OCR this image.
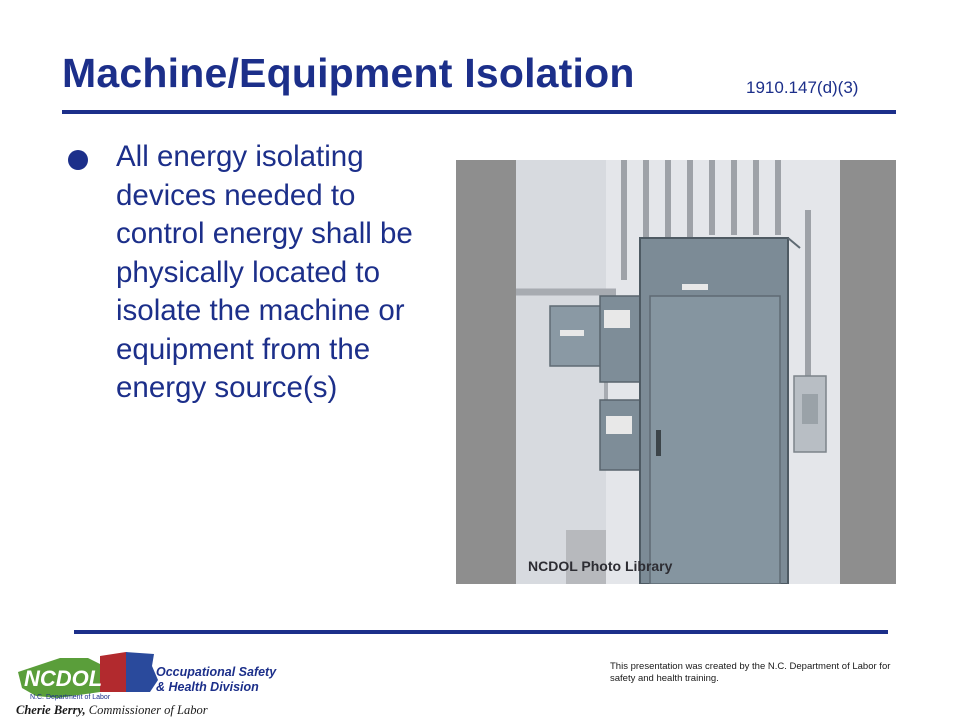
Machine/Equipment Isolation	1910.147(d)(3)
All energy isolating devices needed to control energy shall be physically located to isolate the machine or equipment from the energy source(s)
NCDOL Photo Library
NCDOL
N.C. Department of Labor
Occupational Safety
& Health Division
Cherie Berry, Commissioner of Labor
This presentation was created by the N.C. Department of Labor for safety and health training.
